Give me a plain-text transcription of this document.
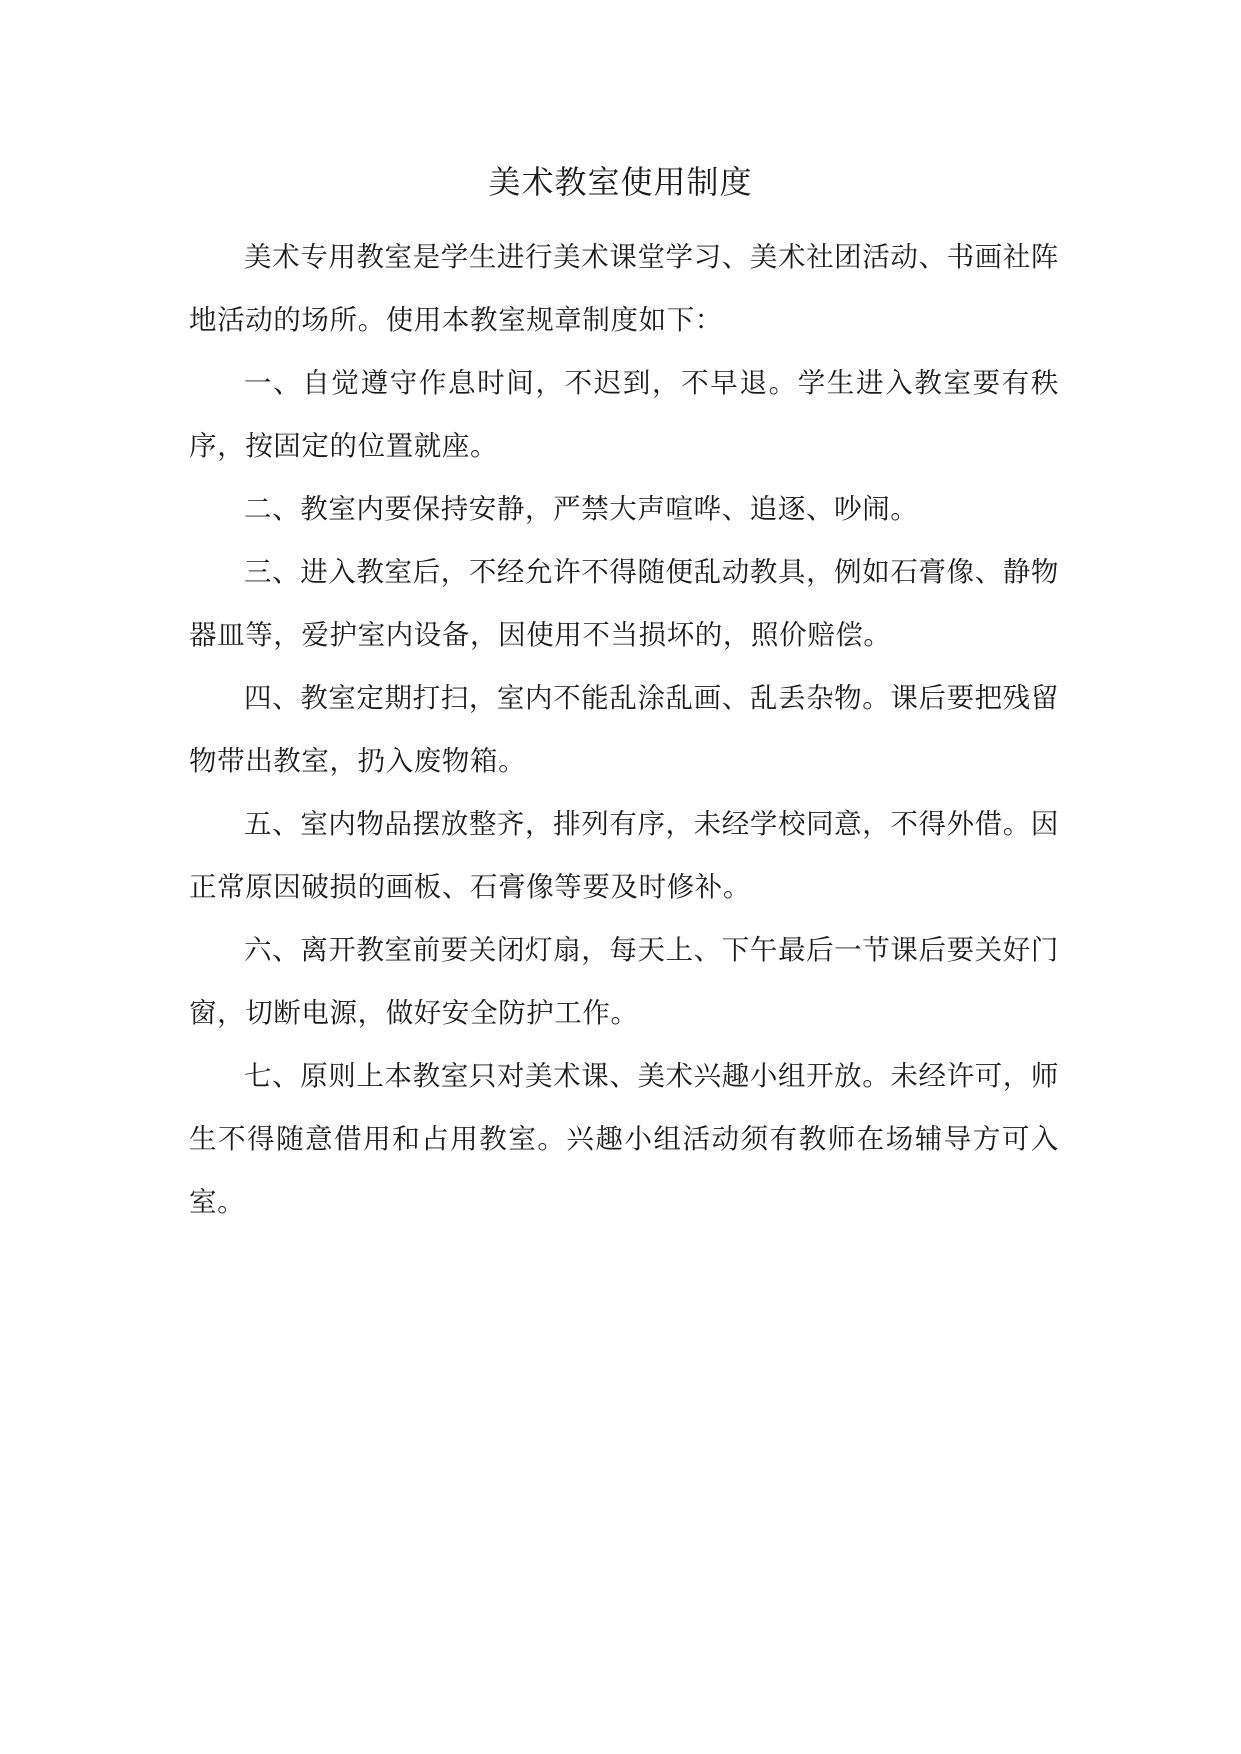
美术教室使用制度

美术专用教室是学生进行美术课堂学习、美术社团活动、书画社阵地活动的场所。使用本教室规章制度如下：

一、自觉遵守作息时间，不迟到，不早退。学生进入教室要有秩序，按固定的位置就座。

二、教室内要保持安静，严禁大声喧哗、追逐、吵闹。

三、进入教室后，不经允许不得随便乱动教具，例如石膏像、静物器皿等，爱护室内设备，因使用不当损坏的，照价赔偿。

四、教室定期打扫，室内不能乱涂乱画、乱丢杂物。课后要把残留物带出教室，扔入废物箱。

五、室内物品摆放整齐，排列有序，未经学校同意，不得外借。因正常原因破损的画板、石膏像等要及时修补。

六、离开教室前要关闭灯扇，每天上、下午最后一节课后要关好门窗，切断电源，做好安全防护工作。

七、原则上本教室只对美术课、美术兴趣小组开放。未经许可，师生不得随意借用和占用教室。兴趣小组活动须有教师在场辅导方可入室。
